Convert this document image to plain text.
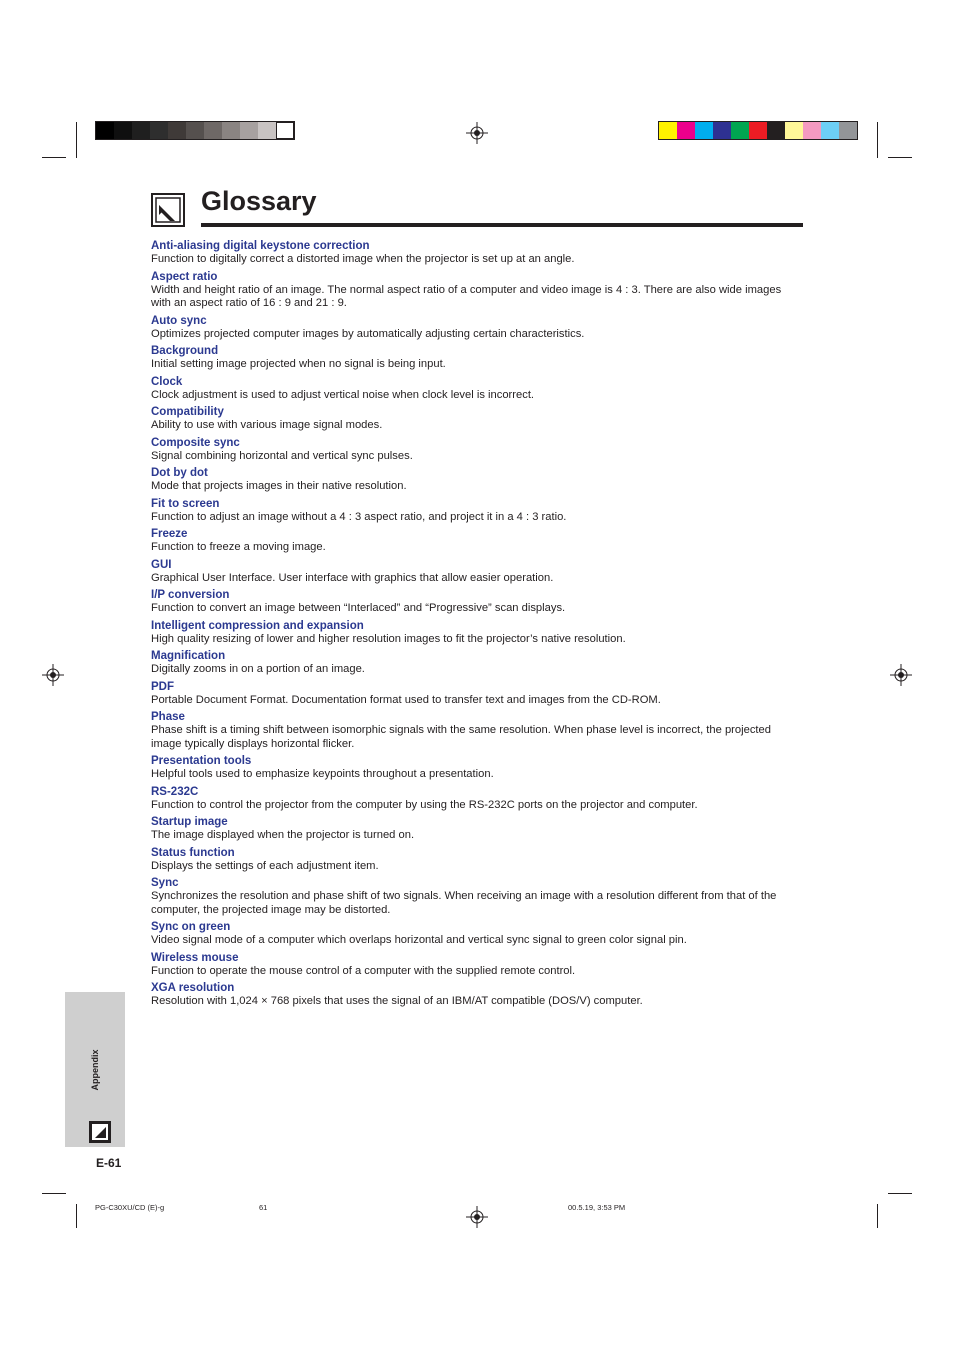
Glossary
Anti-aliasing digital keystone correction
Function to digitally correct a distorted image when the projector is set up at an angle.
Aspect ratio
Width and height ratio of an image. The normal aspect ratio of a computer and video image is 4 : 3. There are also wide images with an aspect ratio of 16 : 9 and 21 : 9.
Auto sync
Optimizes projected computer images by automatically adjusting certain characteristics.
Background
Initial setting image projected when no signal is being input.
Clock
Clock adjustment is used to adjust vertical noise when clock level is incorrect.
Compatibility
Ability to use with various image signal modes.
Composite sync
Signal combining horizontal and vertical sync pulses.
Dot by dot
Mode that projects images in their native resolution.
Fit to screen
Function to adjust an image without a 4 : 3 aspect ratio, and project it in a 4 : 3 ratio.
Freeze
Function to freeze a moving image.
GUI
Graphical User Interface. User interface with graphics that allow easier operation.
I/P conversion
Function to convert an image between “Interlaced” and “Progressive” scan displays.
Intelligent compression and expansion
High quality resizing of lower and higher resolution images to fit the projector’s native resolution.
Magnification
Digitally zooms in on a portion of an image.
PDF
Portable Document Format. Documentation format used to transfer text and images from the CD-ROM.
Phase
Phase shift is a timing shift between isomorphic signals with the same resolution. When phase level is incorrect, the projected image typically displays horizontal flicker.
Presentation tools
Helpful tools used to emphasize keypoints throughout a presentation.
RS-232C
Function to control the projector from the computer by using the RS-232C ports on the projector and computer.
Startup image
The image displayed when the projector is turned on.
Status function
Displays the settings of each adjustment item.
Sync
Synchronizes the resolution and phase shift of two signals. When receiving an image with a resolution different from that of the computer, the projected image may be distorted.
Sync on green
Video signal mode of a computer which overlaps horizontal and vertical sync signal to green color signal pin.
Wireless mouse
Function to operate the mouse control of a computer with the supplied remote control.
XGA resolution
Resolution with 1,024 × 768 pixels that uses the signal of an IBM/AT compatible (DOS/V) computer.
Appendix
E-61
PG-C30XU/CD (E)-g	61	00.5.19, 3:53 PM
